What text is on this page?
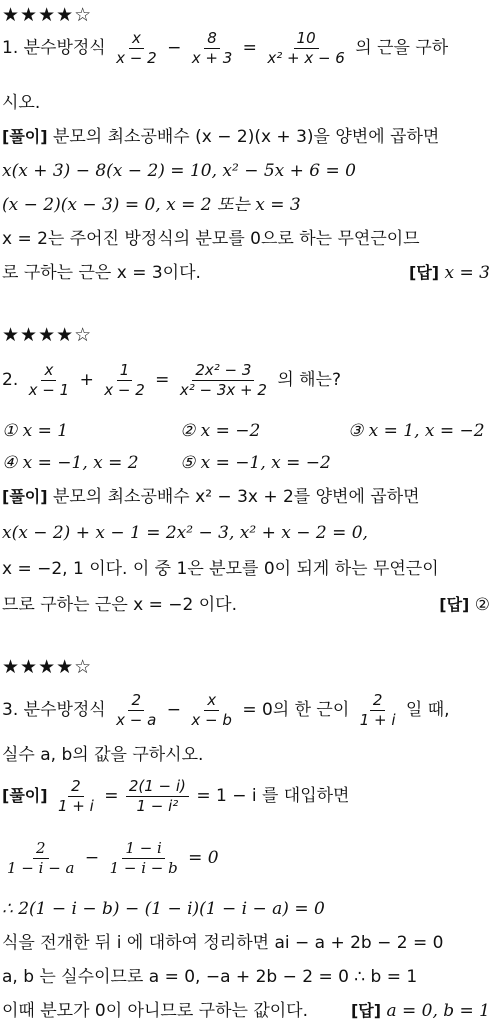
★★★★☆
1. 분수방정식 $\frac{x}{x - 2} - \frac{8}{x + 3} = \frac{10}{\text{x² + x − 6}}$ 의 근을 구하
시오.
[풀이] 분모의 최소공배수 (x − 2)(x + 3)을 양변에 곱하면
x(x + 3) − 8(x − 2) = 10, x² − 5x + 6 = 0
(x − 2)(x − 3) = 0, x = 2 또는 x = 3
x = 2는 주어진 방정식의 분모를 0으로 하는 무연근이므
로 구하는 근은 x = 3이다.	[답] x = 3
★★★★☆
2. $\frac{x}{x - 1} + \frac{1}{x - 2} = \frac{\text{2x² − 3}}{\text{x² − 3x + 2}}$ 의 해는?
① x = 1	② x = −2	③ x = 1, x = −2
④ x = −1, x = 2 ⑤ x = −1, x = −2
[풀이] 분모의 최소공배수 x² − 3x + 2를 양변에 곱하면
x(x − 2) + x − 1 = 2x² − 3, x² + x − 2 = 0,
x = −2, 1 이다. 이 중 1은 분모를 0이 되게 하는 무연근이
므로 구하는 근은 x = −2 이다.	[답] ②
★★★★☆
3. 분수방정식 $\frac{2}{x - a} - \frac{x}{x - b} = 0$의 한 근이 $\frac{2}{1 + i}$ 일 때,
실수 a, b의 값을 구하시오.
[풀이] $\frac{2}{1 + i} = \frac{2(1 - i)}{\text{1 − i²}} = 1 - i$ 를 대입하면
$\frac{2}{1 - i - a} - \frac{1 - i}{1 - i - b} = 0$
∴ 2(1 − i − b) − (1 − i)(1 − i − a) = 0
식을 전개한 뒤 i 에 대하여 정리하면 ai − a + 2b − 2 = 0
a, b 는 실수이므로 a = 0, −a + 2b − 2 = 0 ∴ b = 1
이때 분모가 0이 아니므로 구하는 값이다.	[답] a = 0, b = 1
